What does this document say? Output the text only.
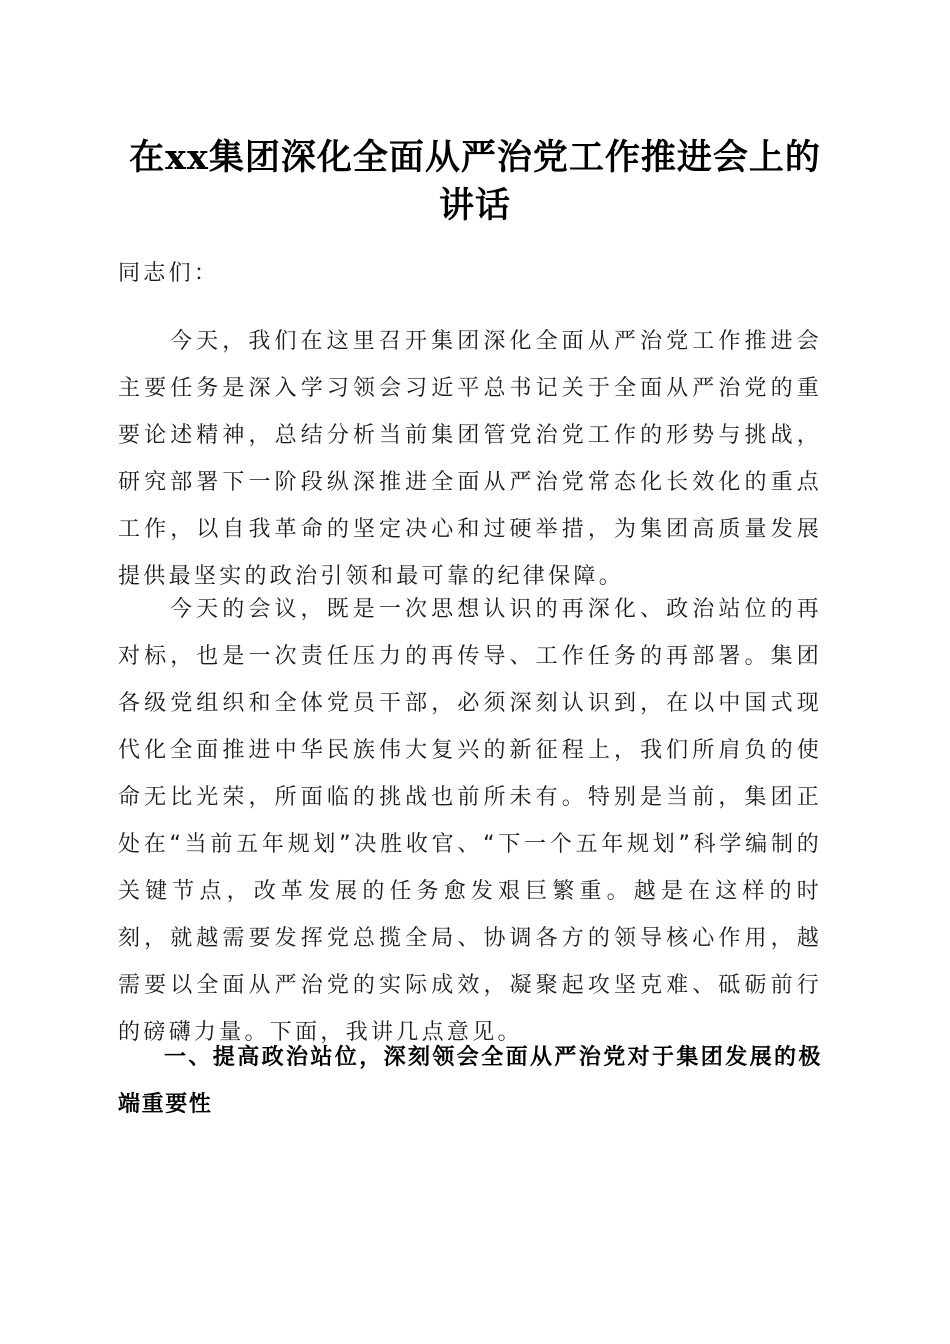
在xx集团深化全面从严治党工作推进会上的讲话
同志们：
今天，我们在这里召开集团深化全面从严治党工作推进会主要任务是深入学习领会习近平总书记关于全面从严治党的重要论述精神，总结分析当前集团管党治党工作的形势与挑战，研究部署下一阶段纵深推进全面从严治党常态化长效化的重点工作，以自我革命的坚定决心和过硬举措，为集团高质量发展提供最坚实的政治引领和最可靠的纪律保障。
今天的会议，既是一次思想认识的再深化、政治站位的再对标，也是一次责任压力的再传导、工作任务的再部署。集团各级党组织和全体党员干部，必须深刻认识到，在以中国式现代化全面推进中华民族伟大复兴的新征程上，我们所肩负的使命无比光荣，所面临的挑战也前所未有。特别是当前，集团正处在“当前五年规划”决胜收官、“下一个五年规划”科学编制的关键节点，改革发展的任务愈发艰巨繁重。越是在这样的时刻，就越需要发挥党总揽全局、协调各方的领导核心作用，越需要以全面从严治党的实际成效，凝聚起攻坚克难、砥砺前行的磅礴力量。下面，我讲几点意见。
一、提高政治站位，深刻领会全面从严治党对于集团发展的极端重要性
